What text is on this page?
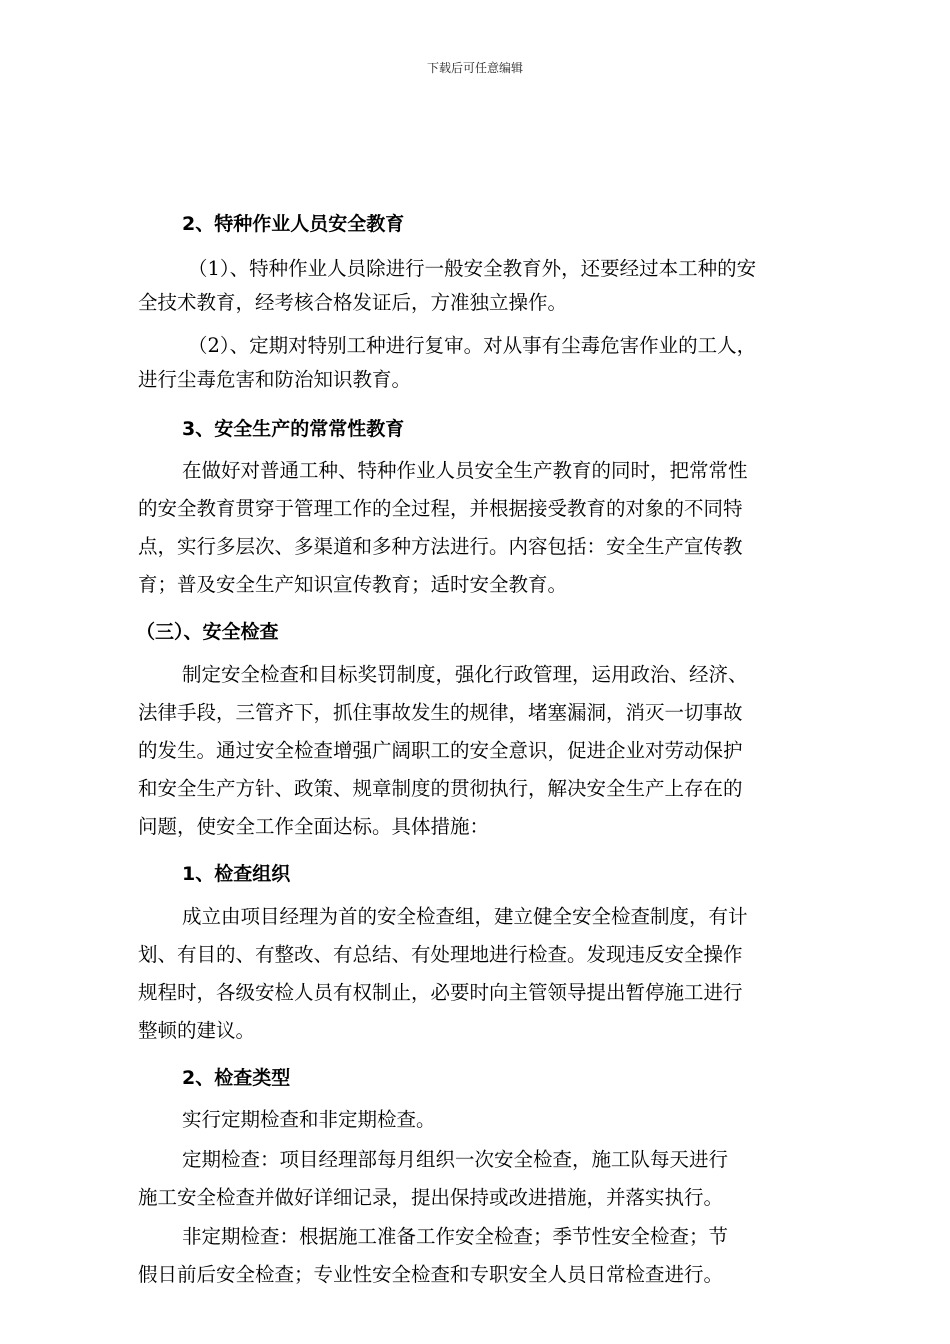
下载后可任意编辑
2、特种作业人员安全教育
（1）、特种作业人员除进行一般安全教育外，还要经过本工种的安
全技术教育，经考核合格发证后，方准独立操作。
（2）、定期对特别工种进行复审。对从事有尘毒危害作业的工人，
进行尘毒危害和防治知识教育。
3、安全生产的常常性教育
在做好对普通工种、特种作业人员安全生产教育的同时，把常常性
的安全教育贯穿于管理工作的全过程，并根据接受教育的对象的不同特
点，实行多层次、多渠道和多种方法进行。内容包括：安全生产宣传教
育；普及安全生产知识宣传教育；适时安全教育。
（三）、安全检查
制定安全检查和目标奖罚制度，强化行政管理，运用政治、经济、
法律手段，三管齐下，抓住事故发生的规律，堵塞漏洞，消灭一切事故
的发生。通过安全检查增强广阔职工的安全意识，促进企业对劳动保护
和安全生产方针、政策、规章制度的贯彻执行，解决安全生产上存在的
问题，使安全工作全面达标。具体措施：
1、检查组织
成立由项目经理为首的安全检查组，建立健全安全检查制度，有计
划、有目的、有整改、有总结、有处理地进行检查。发现违反安全操作
规程时，各级安检人员有权制止，必要时向主管领导提出暂停施工进行
整顿的建议。
2、检查类型
实行定期检查和非定期检查。
定期检查：项目经理部每月组织一次安全检查，施工队每天进行
施工安全检查并做好详细记录，提出保持或改进措施，并落实执行。
非定期检查：根据施工准备工作安全检查；季节性安全检查；节
假日前后安全检查；专业性安全检查和专职安全人员日常检查进行。
